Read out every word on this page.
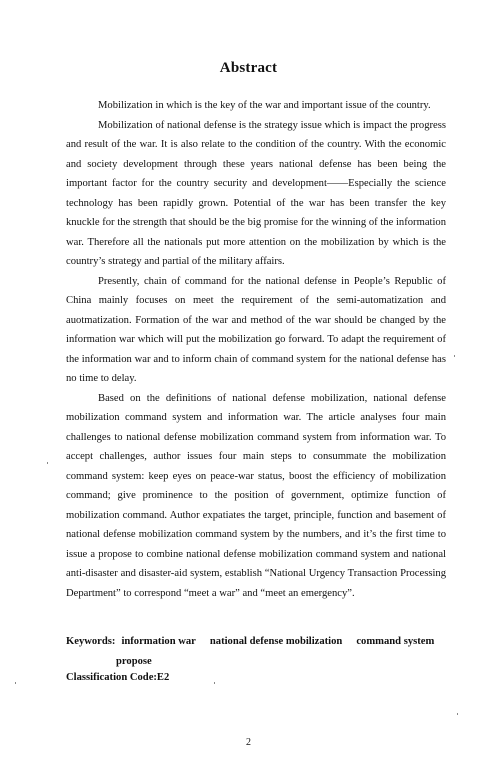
Abstract

Mobilization in which is the key of the war and important issue of the country.

Mobilization of national defense is the strategy issue which is impact the progress and result of the war. It is also relate to the condition of the country. With the economic and society development through these years national defense has been being the important factor for the country security and development——Especially the science technology has been rapidly grown. Potential of the war has been transfer the key knuckle for the strength that should be the big promise for the winning of the information war. Therefore all the nationals put more attention on the mobilization by which is the country’s strategy and partial of the military affairs.

Presently, chain of command for the national defense in People’s Republic of China mainly focuses on meet the requirement of the semi-automatization and auotmatization. Formation of the war and method of the war should be changed by the information war which will put the mobilization go forward. To adapt the requirement of the information war and to inform chain of command system for the national defense has no time to delay.

Based on the definitions of national defense mobilization, national defense mobilization command system and information war. The article analyses four main challenges to national defense mobilization command system from information war. To accept challenges, author issues four main steps to consummate the mobilization command system: keep eyes on peace-war status, boost the efficiency of mobilization command; give prominence to the position of government, optimize function of mobilization command. Author expatiates the target, principle, function and basement of national defense mobilization command system by the numbers, and it’s the first time to issue a propose to combine national defense mobilization command system and national anti-disaster and disaster-aid system, establish “National Urgency Transaction Processing Department” to correspond “meet a war” and “meet an emergency”.

Keywords: information war national defense mobilization command system
propose
Classification Code:E2
2
